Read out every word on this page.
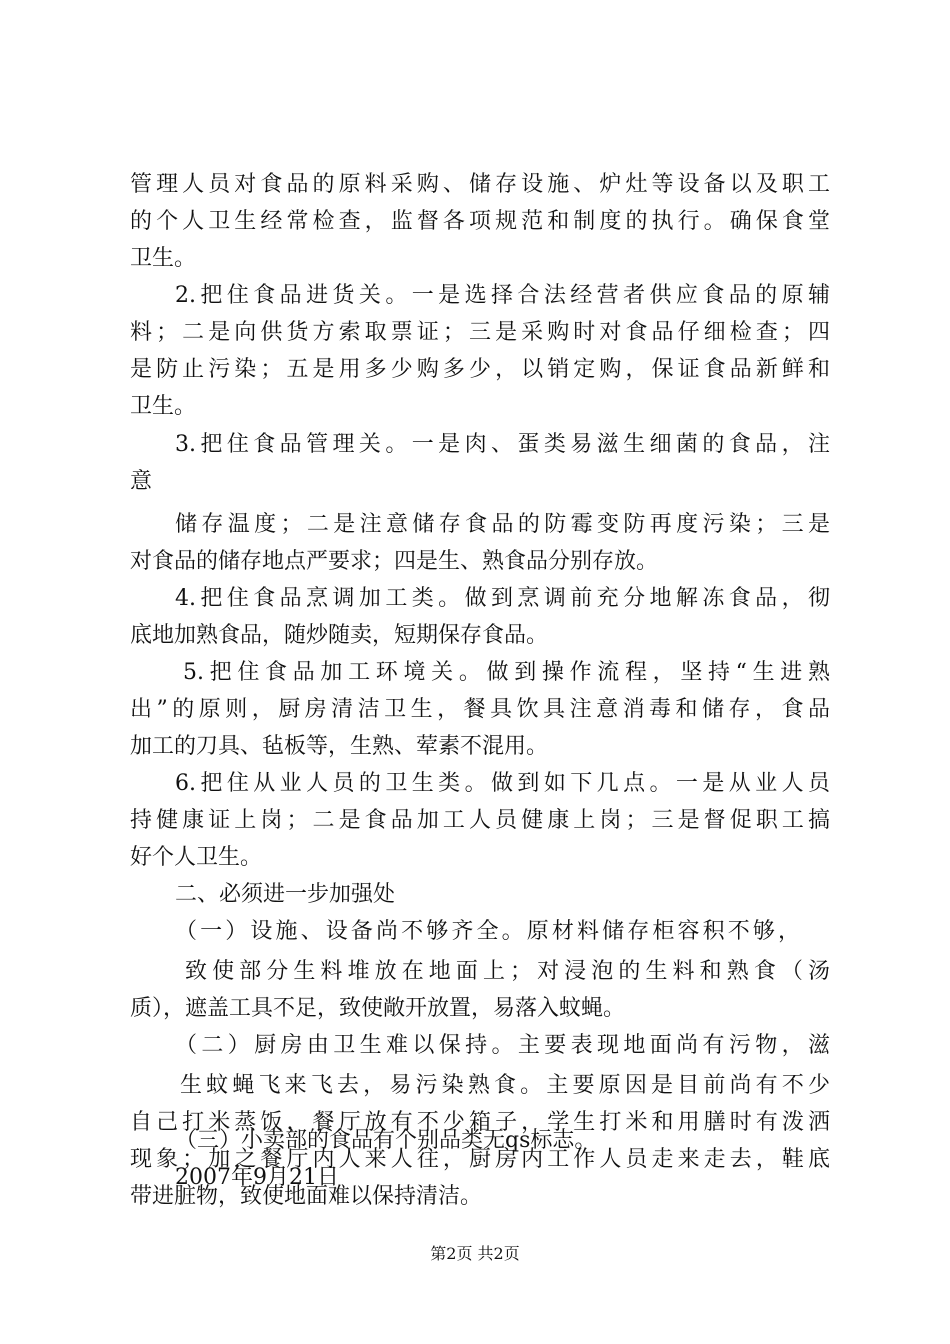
管理人员对食品的原料采购、储存设施、炉灶等设备以及职工
的个人卫生经常检查，监督各项规范和制度的执行。确保食堂
卫生。
2.把住食品进货关。一是选择合法经营者供应食品的原辅
料；二是向供货方索取票证；三是采购时对食品仔细检查；四
是防止污染；五是用多少购多少，以销定购，保证食品新鲜和
卫生。
3.把住食品管理关。一是肉、蛋类易滋生细菌的食品，注
意
储存温度；二是注意储存食品的防霉变防再度污染；三是
对食品的储存地点严要求；四是生、熟食品分别存放。
4.把住食品烹调加工类。做到烹调前充分地解冻食品，彻
底地加熟食品，随炒随卖，短期保存食品。
5.把住食品加工环境关。做到操作流程，坚持“生进熟
出”的原则，厨房清洁卫生，餐具饮具注意消毒和储存，食品
加工的刀具、毡板等，生熟、荤素不混用。
6.把住从业人员的卫生类。做到如下几点。一是从业人员
持健康证上岗；二是食品加工人员健康上岗；三是督促职工搞
好个人卫生。
二、必须进一步加强处
（一）设施、设备尚不够齐全。原材料储存柜容积不够，
致使部分生料堆放在地面上；对浸泡的生料和熟食（汤
质），遮盖工具不足，致使敞开放置，易落入蚊蝇。
（二）厨房由卫生难以保持。主要表现地面尚有污物，滋
生蚊蝇飞来飞去，易污染熟食。主要原因是目前尚有不少
自己打米蒸饭，餐厅放有不少箱子，学生打米和用膳时有泼洒
现象；加之餐厅内人来人往，厨房内工作人员走来走去，鞋底
带进脏物，致使地面难以保持清洁。
（三）小卖部的食品有个别品类无qs标志。
2007年9月21日
第2页 共2页
